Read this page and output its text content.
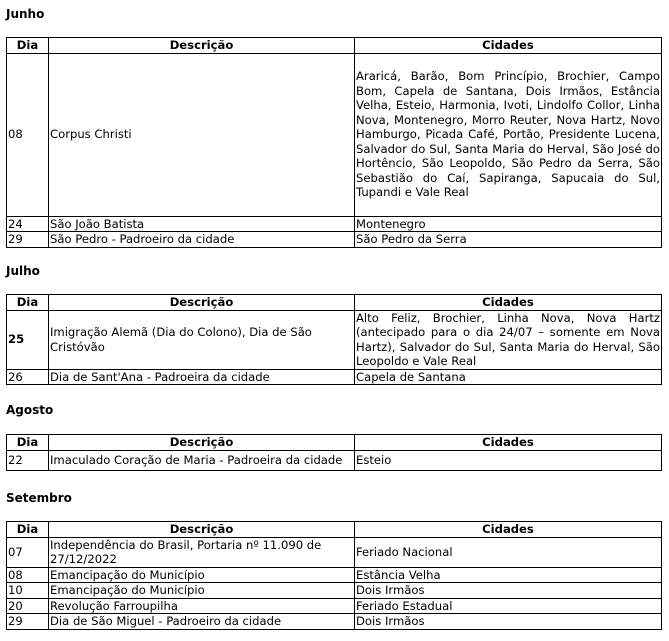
Junho
Dia	Descrição	Cidades
08	Corpus Christi	Araricá, Barão, Bom Princípio, Brochier, Campo Bom, Capela de Santana, Dois Irmãos, Estância Velha, Esteio, Harmonia, Ivoti, Lindolfo Collor, Linha Nova, Montenegro, Morro Reuter, Nova Hartz, Novo Hamburgo, Picada Café, Portão, Presidente Lucena, Salvador do Sul, Santa Maria do Herval, São José do Hortêncio, São Leopoldo, São Pedro da Serra, São Sebastião do Caí, Sapiranga, Sapucaia do Sul, Tupandi e Vale Real
24	São João Batista	Montenegro
29	São Pedro - Padroeiro da cidade	São Pedro da Serra
Julho
Dia	Descrição	Cidades
25	Imigração Alemã (Dia do Colono), Dia de São Cristóvão	Alto Feliz, Brochier, Linha Nova, Nova Hartz (antecipado para o dia 24/07 – somente em Nova Hartz), Salvador do Sul, Santa Maria do Herval, São Leopoldo e Vale Real
26	Dia de Sant'Ana - Padroeira da cidade	Capela de Santana
Agosto
Dia	Descrição	Cidades
22	Imaculado Coração de Maria - Padroeira da cidade	Esteio
Setembro
Dia	Descrição	Cidades
07	Independência do Brasil, Portaria nº 11.090 de 27/12/2022	Feriado Nacional
08	Emancipação do Município	Estância Velha
10	Emancipação do Município	Dois Irmãos
20	Revolução Farroupilha	Feriado Estadual
29	Dia de São Miguel - Padroeiro da cidade	Dois Irmãos
